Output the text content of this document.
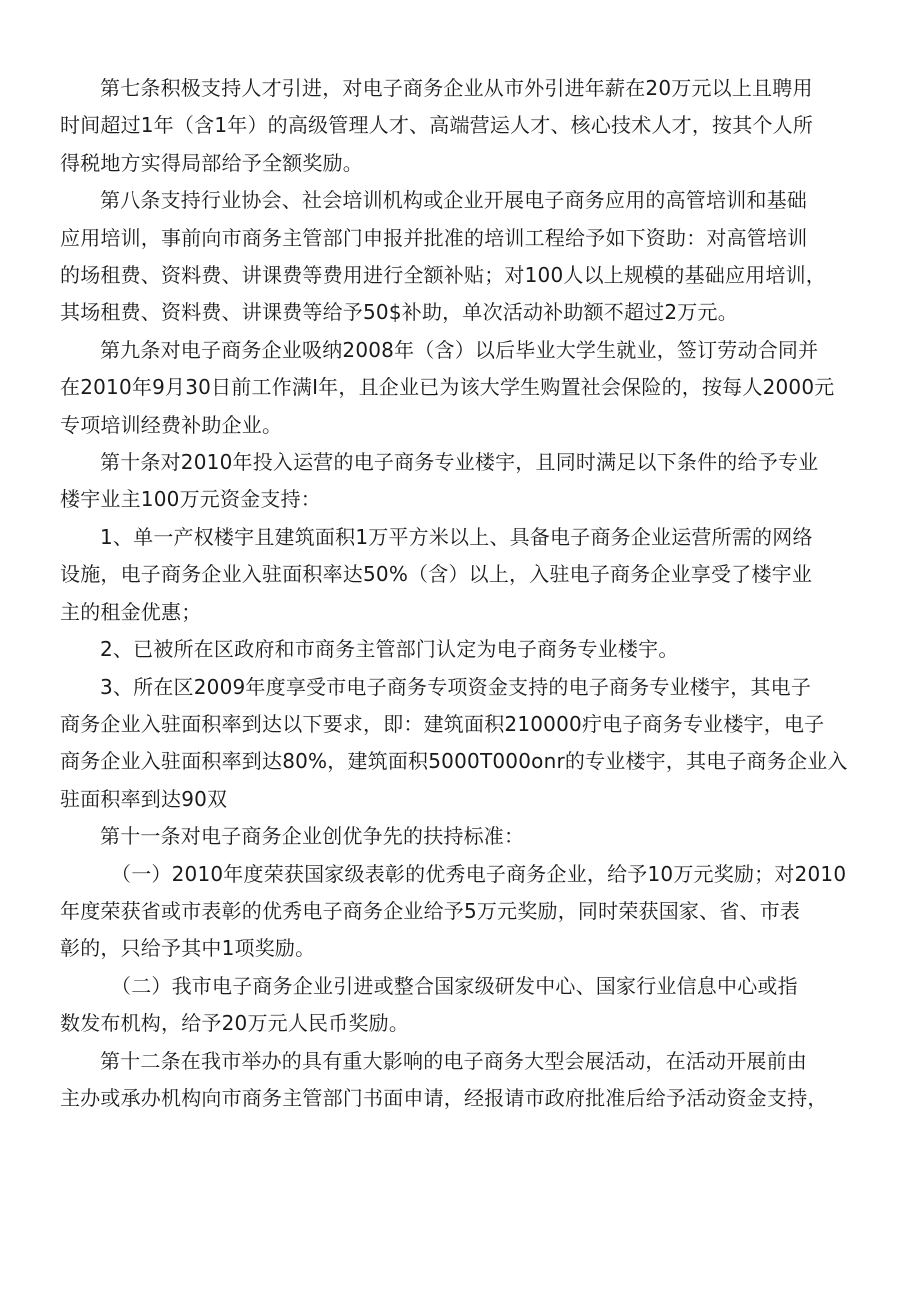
第七条积极支持人才引进，对电子商务企业从市外引进年薪在20万元以上且聘用
时间超过1年（含1年）的高级管理人才、高端营运人才、核心技术人才，按其个人所
得税地方实得局部给予全额奖励。

第八条支持行业协会、社会培训机构或企业开展电子商务应用的高管培训和基础
应用培训，事前向市商务主管部门申报并批准的培训工程给予如下资助：对高管培训
的场租费、资料费、讲课费等费用进行全额补贴；对100人以上规模的基础应用培训，
其场租费、资料费、讲课费等给予50$补助，单次活动补助额不超过2万元。

第九条对电子商务企业吸纳2008年（含）以后毕业大学生就业，签订劳动合同并
在2010年9月30日前工作满I年，且企业已为该大学生购置社会保险的，按每人2000元
专项培训经费补助企业。

第十条对2010年投入运营的电子商务专业楼宇，且同时满足以下条件的给予专业
楼宇业主100万元资金支持：

1、单一产权楼宇且建筑面积1万平方米以上、具备电子商务企业运营所需的网络
设施，电子商务企业入驻面积率达50%（含）以上，入驻电子商务企业享受了楼宇业
主的租金优惠；

2、已被所在区政府和市商务主管部门认定为电子商务专业楼宇。

3、所在区2009年度享受市电子商务专项资金支持的电子商务专业楼宇，其电子
商务企业入驻面积率到达以下要求，即：建筑面积210000疔电子商务专业楼宇，电子
商务企业入驻面积率到达80%，建筑面积5000T000onr的专业楼宇，其电子商务企业入
驻面积率到达90双

第十一条对电子商务企业创优争先的扶持标准：

（一）2010年度荣获国家级表彰的优秀电子商务企业，给予10万元奖励；对2010
年度荣获省或市表彰的优秀电子商务企业给予5万元奖励，同时荣获国家、省、市表
彰的，只给予其中1项奖励。

（二）我市电子商务企业引进或整合国家级研发中心、国家行业信息中心或指
数发布机构，给予20万元人民币奖励。

第十二条在我市举办的具有重大影响的电子商务大型会展活动，在活动开展前由
主办或承办机构向市商务主管部门书面申请，经报请市政府批准后给予活动资金支持，
